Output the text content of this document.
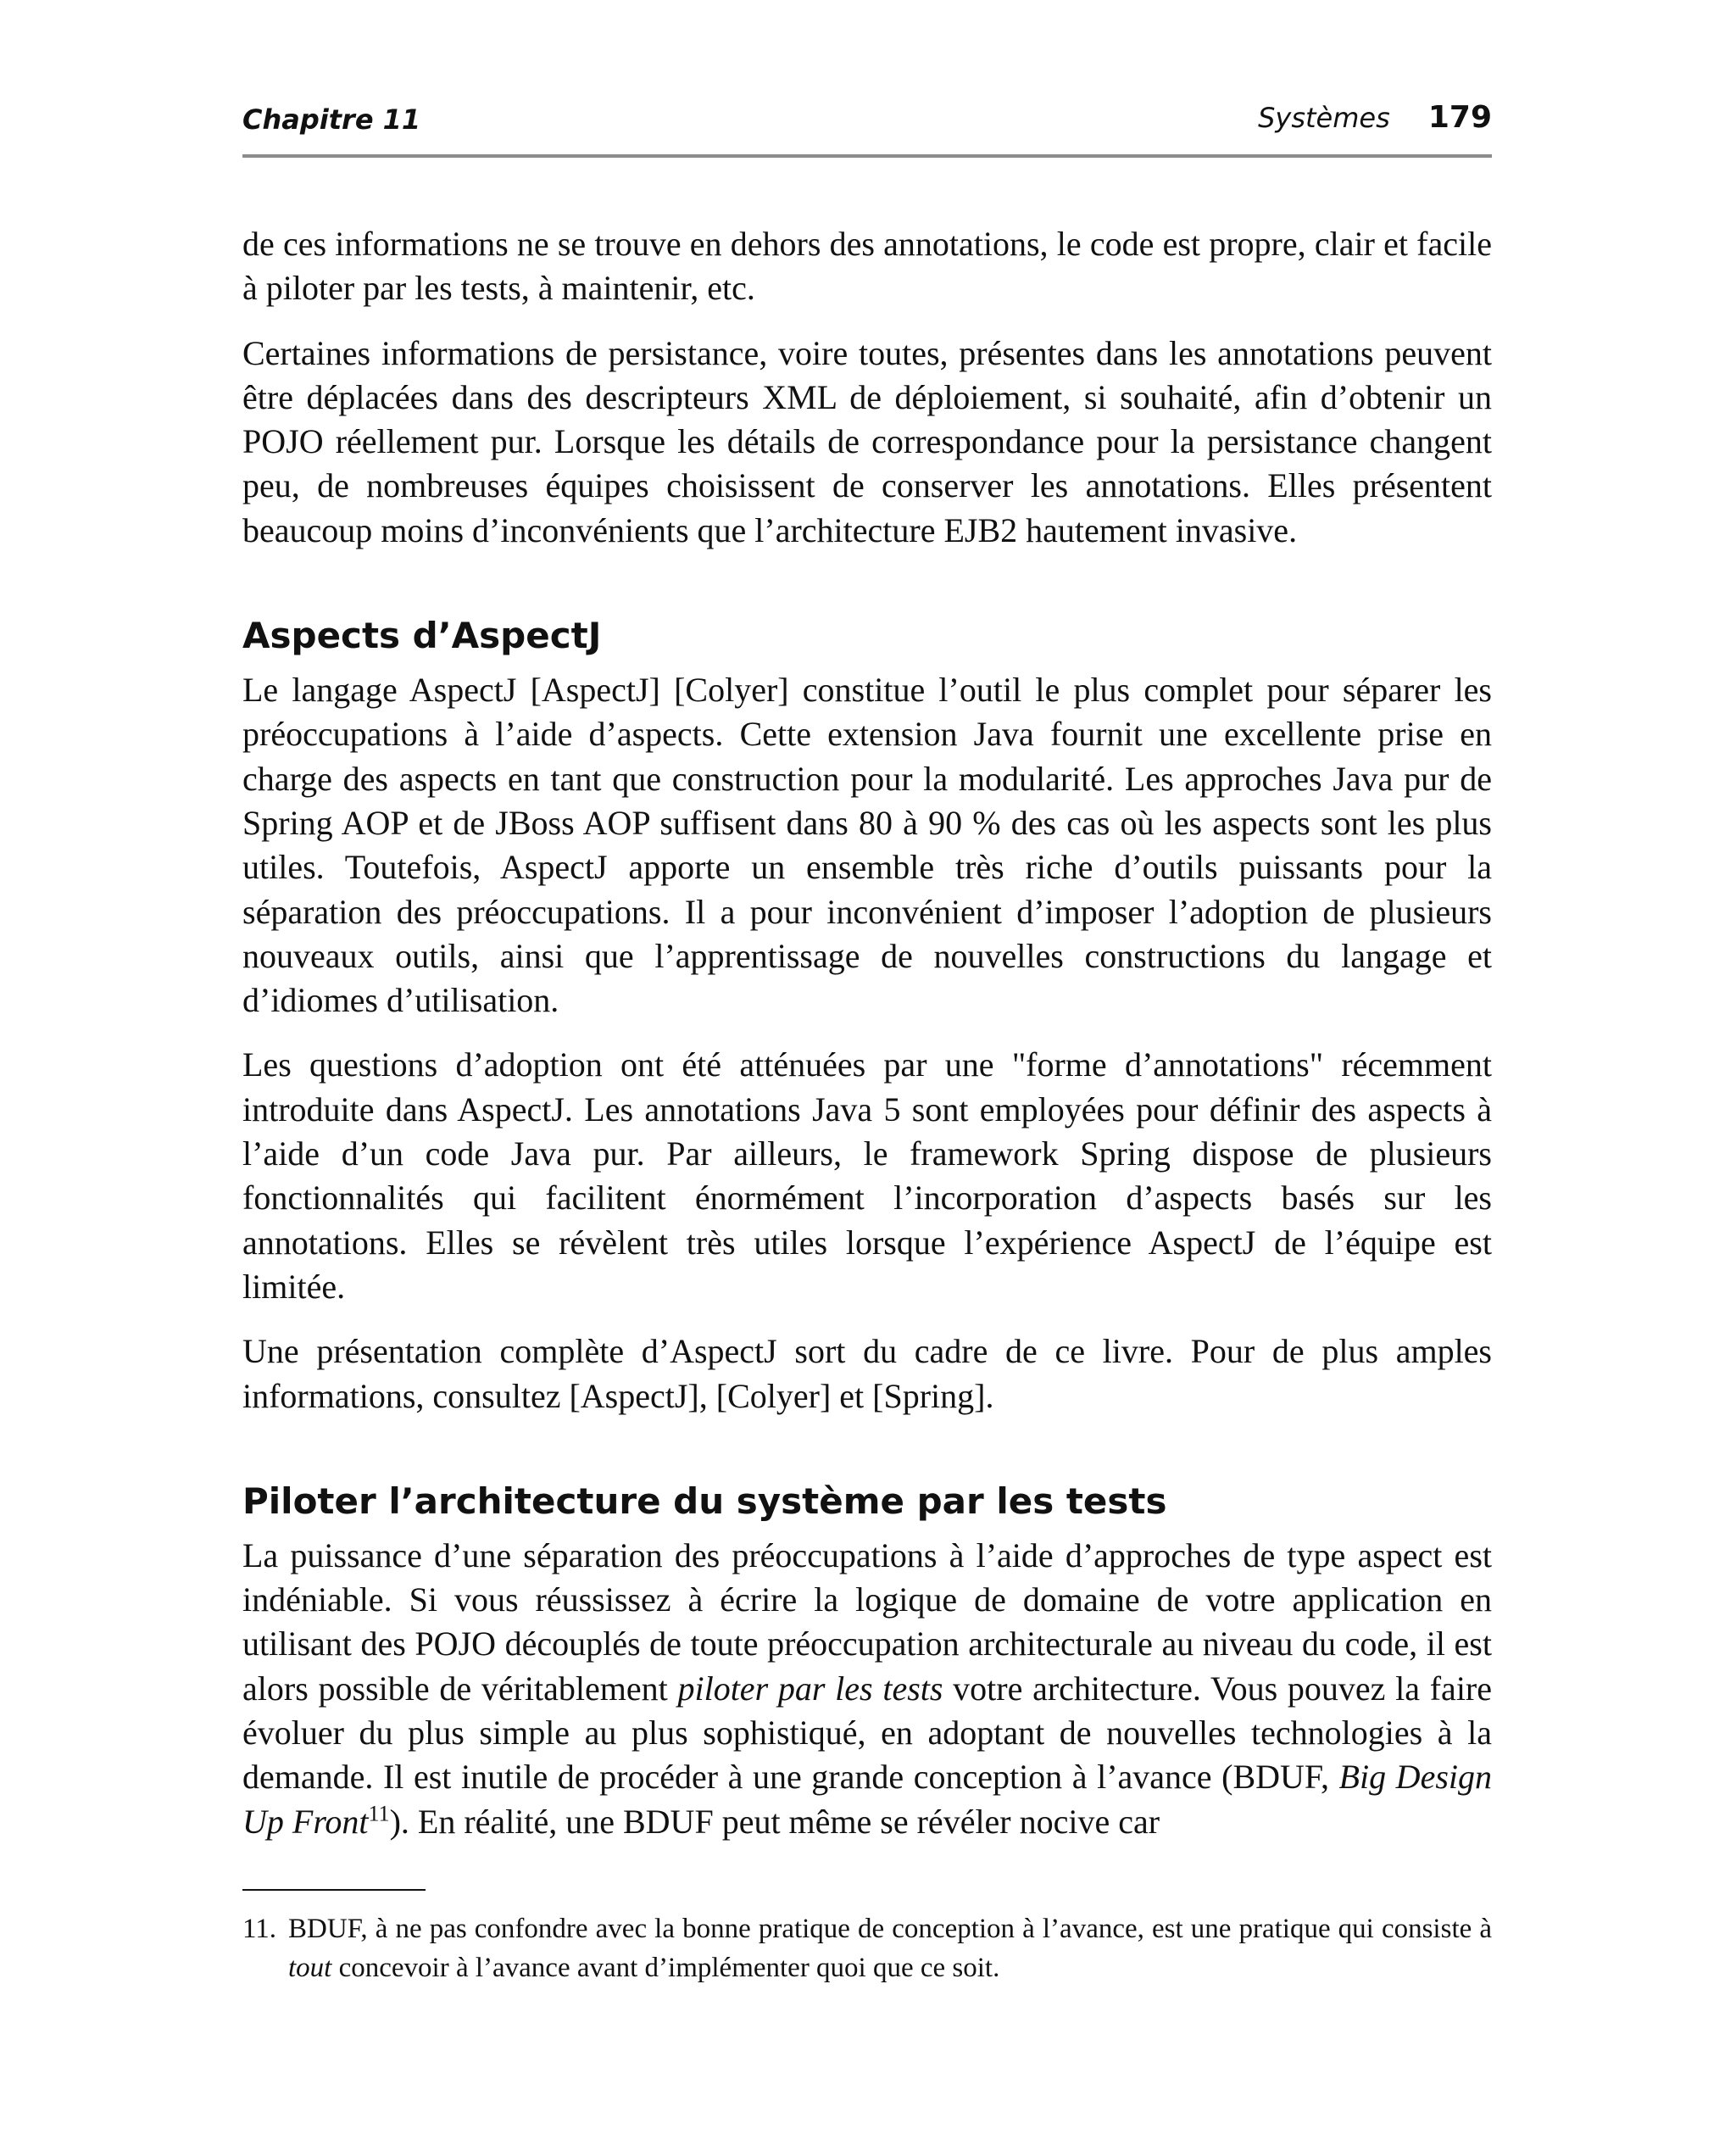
Chapitre 11	Systèmes 179

de ces informations ne se trouve en dehors des annotations, le code est propre, clair et facile à piloter par les tests, à maintenir, etc.

Certaines informations de persistance, voire toutes, présentes dans les annotations peuvent être déplacées dans des descripteurs XML de déploiement, si souhaité, afin d’obtenir un POJO réellement pur. Lorsque les détails de correspondance pour la persistance changent peu, de nombreuses équipes choisissent de conserver les annotations. Elles présentent beaucoup moins d’inconvénients que l’architecture EJB2 hautement invasive.

Aspects d’AspectJ

Le langage AspectJ [AspectJ] [Colyer] constitue l’outil le plus complet pour séparer les préoccupations à l’aide d’aspects. Cette extension Java fournit une excellente prise en charge des aspects en tant que construction pour la modularité. Les approches Java pur de Spring AOP et de JBoss AOP suffisent dans 80 à 90 % des cas où les aspects sont les plus utiles. Toutefois, AspectJ apporte un ensemble très riche d’outils puissants pour la séparation des préoccupations. Il a pour inconvénient d’imposer l’adoption de plusieurs nouveaux outils, ainsi que l’apprentissage de nouvelles constructions du langage et d’idiomes d’utilisation.

Les questions d’adoption ont été atténuées par une "forme d’annotations" récemment introduite dans AspectJ. Les annotations Java 5 sont employées pour définir des aspects à l’aide d’un code Java pur. Par ailleurs, le framework Spring dispose de plusieurs fonctionnalités qui facilitent énormément l’incorporation d’aspects basés sur les annotations. Elles se révèlent très utiles lorsque l’expérience AspectJ de l’équipe est limitée.

Une présentation complète d’AspectJ sort du cadre de ce livre. Pour de plus amples informations, consultez [AspectJ], [Colyer] et [Spring].

Piloter l’architecture du système par les tests

La puissance d’une séparation des préoccupations à l’aide d’approches de type aspect est indéniable. Si vous réussissez à écrire la logique de domaine de votre application en utilisant des POJO découplés de toute préoccupation architecturale au niveau du code, il est alors possible de véritablement piloter par les tests votre architecture. Vous pouvez la faire évoluer du plus simple au plus sophistiqué, en adoptant de nouvelles technologies à la demande. Il est inutile de procéder à une grande conception à l’avance (BDUF, Big Design Up Front$^{11}$). En réalité, une BDUF peut même se révéler nocive car

11. BDUF, à ne pas confondre avec la bonne pratique de conception à l’avance, est une pratique qui consiste à tout concevoir à l’avance avant d’implémenter quoi que ce soit.
